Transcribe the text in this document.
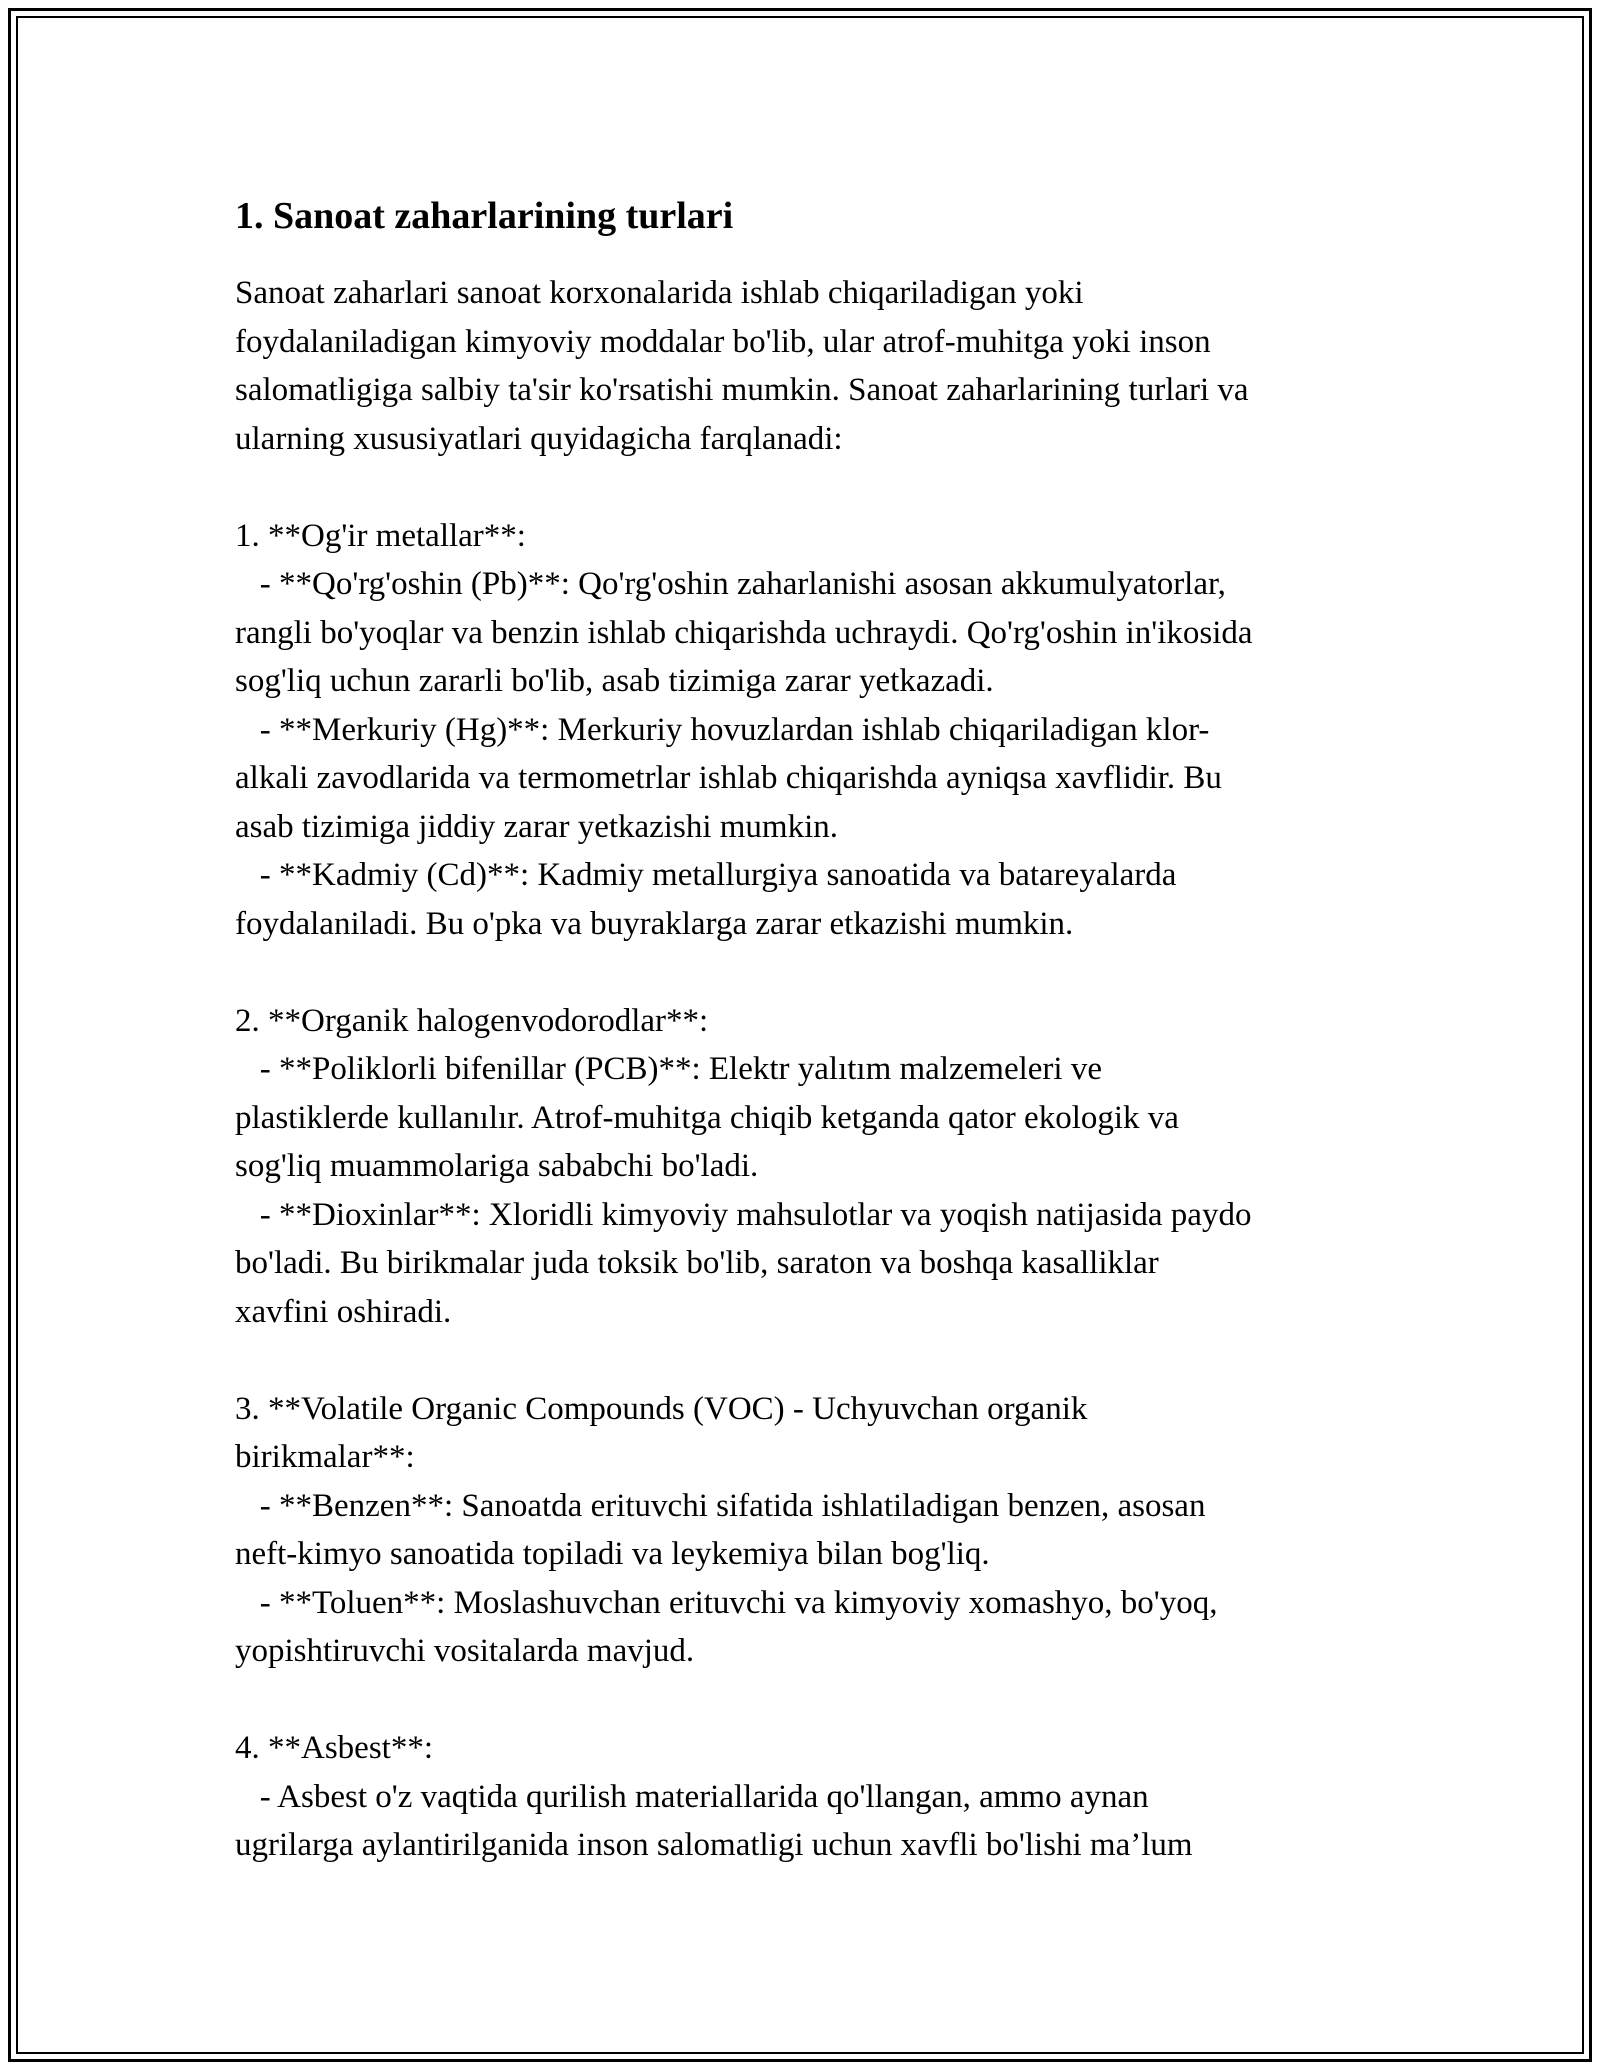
1. Sanoat zaharlarining turlari
Sanoat zaharlari sanoat korxonalarida ishlab chiqariladigan yoki
foydalaniladigan kimyoviy moddalar bo'lib, ular atrof-muhitga yoki inson
salomatligiga salbiy ta'sir ko'rsatishi mumkin. Sanoat zaharlarining turlari va
ularning xususiyatlari quyidagicha farqlanadi:

1. **Og'ir metallar**:
- **Qo'rg'oshin (Pb)**: Qo'rg'oshin zaharlanishi asosan akkumulyatorlar,
rangli bo'yoqlar va benzin ishlab chiqarishda uchraydi. Qo'rg'oshin in'ikosida
sog'liq uchun zararli bo'lib, asab tizimiga zarar yetkazadi.
- **Merkuriy (Hg)**: Merkuriy hovuzlardan ishlab chiqariladigan klor-
alkali zavodlarida va termometrlar ishlab chiqarishda ayniqsa xavflidir. Bu
asab tizimiga jiddiy zarar yetkazishi mumkin.
- **Kadmiy (Cd)**: Kadmiy metallurgiya sanoatida va batareyalarda
foydalaniladi. Bu o'pka va buyraklarga zarar etkazishi mumkin.

2. **Organik halogenvodorodlar**:
- **Poliklorli bifenillar (PCB)**: Elektr yalıtım malzemeleri ve
plastiklerde kullanılır. Atrof-muhitga chiqib ketganda qator ekologik va
sog'liq muammolariga sababchi bo'ladi.
- **Dioxinlar**: Xloridli kimyoviy mahsulotlar va yoqish natijasida paydo
bo'ladi. Bu birikmalar juda toksik bo'lib, saraton va boshqa kasalliklar
xavfini oshiradi.

3. **Volatile Organic Compounds (VOC) - Uchyuvchan organik
birikmalar**:
- **Benzen**: Sanoatda erituvchi sifatida ishlatiladigan benzen, asosan
neft-kimyo sanoatida topiladi va leykemiya bilan bog'liq.
- **Toluen**: Moslashuvchan erituvchi va kimyoviy xomashyo, bo'yoq,
yopishtiruvchi vositalarda mavjud.

4. **Asbest**:
- Asbest o'z vaqtida qurilish materiallarida qo'llangan, ammo aynan
ugrilarga aylantirilganida inson salomatligi uchun xavfli bo'lishi ma’lum
